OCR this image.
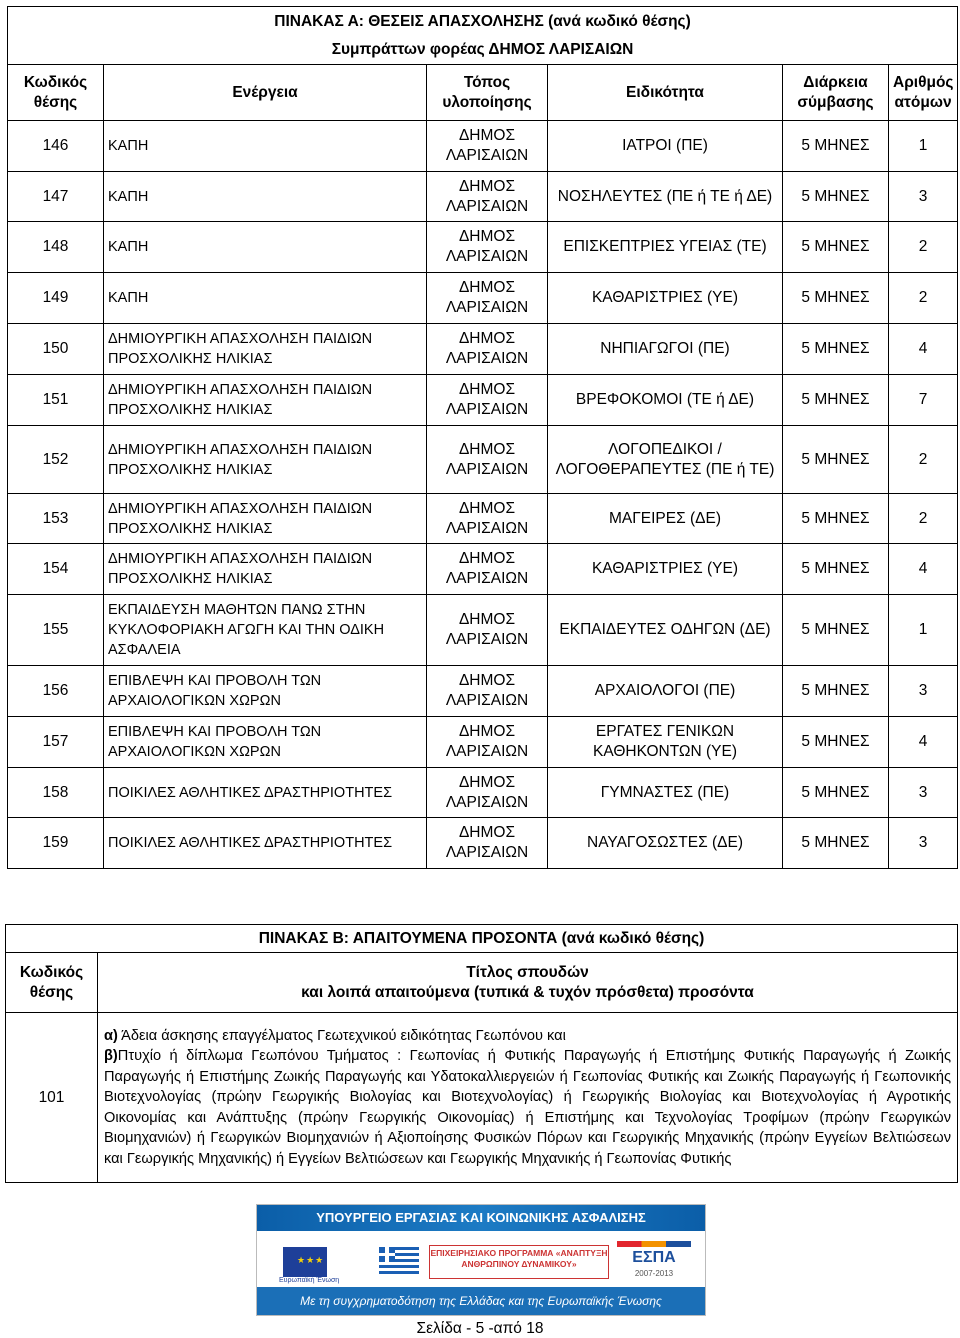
ΠΙΝΑΚΑΣ Α: ΘΕΣΕΙΣ ΑΠΑΣΧΟΛΗΣΗΣ (ανά κωδικό θέσης)					
Συμπράττων φορέας ΔΗΜΟΣ ΛΑΡΙΣΑΙΩΝ					
Κωδικός θέσης	Ενέργεια	Τόπος υλοποίησης	Ειδικότητα	Διάρκεια σύμβασης	Αριθμός ατόμων
146	ΚΑΠΗ	ΔΗΜΟΣ ΛΑΡΙΣΑΙΩΝ	ΙΑΤΡΟΙ (ΠΕ)	5 ΜΗΝΕΣ	1
147	ΚΑΠΗ	ΔΗΜΟΣ ΛΑΡΙΣΑΙΩΝ	ΝΟΣΗΛΕΥΤΕΣ (ΠΕ ή ΤΕ ή ΔΕ)	5 ΜΗΝΕΣ	3
148	ΚΑΠΗ	ΔΗΜΟΣ ΛΑΡΙΣΑΙΩΝ	ΕΠΙΣΚΕΠΤΡΙΕΣ ΥΓΕΙΑΣ (ΤΕ)	5 ΜΗΝΕΣ	2
149	ΚΑΠΗ	ΔΗΜΟΣ ΛΑΡΙΣΑΙΩΝ	ΚΑΘΑΡΙΣΤΡΙΕΣ (ΥΕ)	5 ΜΗΝΕΣ	2
150	ΔΗΜΙΟΥΡΓΙΚΗ ΑΠΑΣΧΟΛΗΣΗ ΠΑΙΔΙΩΝ ΠΡΟΣΧΟΛΙΚΗΣ ΗΛΙΚΙΑΣ	ΔΗΜΟΣ ΛΑΡΙΣΑΙΩΝ	ΝΗΠΙΑΓΩΓΟΙ (ΠΕ)	5 ΜΗΝΕΣ	4
151	ΔΗΜΙΟΥΡΓΙΚΗ ΑΠΑΣΧΟΛΗΣΗ ΠΑΙΔΙΩΝ ΠΡΟΣΧΟΛΙΚΗΣ ΗΛΙΚΙΑΣ	ΔΗΜΟΣ ΛΑΡΙΣΑΙΩΝ	ΒΡΕΦΟΚΟΜΟΙ (ΤΕ ή ΔΕ)	5 ΜΗΝΕΣ	7
152	ΔΗΜΙΟΥΡΓΙΚΗ ΑΠΑΣΧΟΛΗΣΗ ΠΑΙΔΙΩΝ ΠΡΟΣΧΟΛΙΚΗΣ ΗΛΙΚΙΑΣ	ΔΗΜΟΣ ΛΑΡΙΣΑΙΩΝ	ΛΟΓΟΠΕΔΙΚΟΙ / ΛΟΓΟΘΕΡΑΠΕΥΤΕΣ (ΠΕ ή ΤΕ)	5 ΜΗΝΕΣ	2
153	ΔΗΜΙΟΥΡΓΙΚΗ ΑΠΑΣΧΟΛΗΣΗ ΠΑΙΔΙΩΝ ΠΡΟΣΧΟΛΙΚΗΣ ΗΛΙΚΙΑΣ	ΔΗΜΟΣ ΛΑΡΙΣΑΙΩΝ	ΜΑΓΕΙΡΕΣ (ΔΕ)	5 ΜΗΝΕΣ	2
154	ΔΗΜΙΟΥΡΓΙΚΗ ΑΠΑΣΧΟΛΗΣΗ ΠΑΙΔΙΩΝ ΠΡΟΣΧΟΛΙΚΗΣ ΗΛΙΚΙΑΣ	ΔΗΜΟΣ ΛΑΡΙΣΑΙΩΝ	ΚΑΘΑΡΙΣΤΡΙΕΣ (ΥΕ)	5 ΜΗΝΕΣ	4
155	ΕΚΠΑΙΔΕΥΣΗ ΜΑΘΗΤΩΝ ΠΑΝΩ ΣΤΗΝ ΚΥΚΛΟΦΟΡΙΑΚΗ ΑΓΩΓΗ ΚΑΙ ΤΗΝ ΟΔΙΚΗ ΑΣΦΑΛΕΙΑ	ΔΗΜΟΣ ΛΑΡΙΣΑΙΩΝ	ΕΚΠΑΙΔΕΥΤΕΣ ΟΔΗΓΩΝ (ΔΕ)	5 ΜΗΝΕΣ	1
156	ΕΠΙΒΛΕΨΗ ΚΑΙ ΠΡΟΒΟΛΗ ΤΩΝ ΑΡΧΑΙΟΛΟΓΙΚΩΝ ΧΩΡΩΝ	ΔΗΜΟΣ ΛΑΡΙΣΑΙΩΝ	ΑΡΧΑΙΟΛΟΓΟΙ (ΠΕ)	5 ΜΗΝΕΣ	3
157	ΕΠΙΒΛΕΨΗ ΚΑΙ ΠΡΟΒΟΛΗ ΤΩΝ ΑΡΧΑΙΟΛΟΓΙΚΩΝ ΧΩΡΩΝ	ΔΗΜΟΣ ΛΑΡΙΣΑΙΩΝ	ΕΡΓΑΤΕΣ ΓΕΝΙΚΩΝ ΚΑΘΗΚΟΝΤΩΝ (ΥΕ)	5 ΜΗΝΕΣ	4
158	ΠΟΙΚΙΛΕΣ ΑΘΛΗΤΙΚΕΣ ΔΡΑΣΤΗΡΙΟΤΗΤΕΣ	ΔΗΜΟΣ ΛΑΡΙΣΑΙΩΝ	ΓΥΜΝΑΣΤΕΣ (ΠΕ)	5 ΜΗΝΕΣ	3
159	ΠΟΙΚΙΛΕΣ ΑΘΛΗΤΙΚΕΣ ΔΡΑΣΤΗΡΙΟΤΗΤΕΣ	ΔΗΜΟΣ ΛΑΡΙΣΑΙΩΝ	ΝΑΥΑΓΟΣΩΣΤΕΣ (ΔΕ)	5 ΜΗΝΕΣ	3
ΠΙΝΑΚΑΣ Β: ΑΠΑΙΤΟΥΜΕΝΑ ΠΡΟΣΟΝΤΑ (ανά κωδικό θέσης)	
Κωδικός θέσης	Τίτλος σπουδών
και λοιπά απαιτούμενα (τυπικά & τυχόν πρόσθετα) προσόντα
101	α) Άδεια άσκησης επαγγέλματος Γεωτεχνικού ειδικότητας Γεωπόνου και
β)Πτυχίο ή δίπλωμα Γεωπόνου Τμήματος : Γεωπονίας ή Φυτικής Παραγωγής ή Επιστήμης Φυτικής Παραγωγής ή Ζωικής Παραγωγής ή Επιστήμης Ζωικής Παραγωγής και Υδατοκαλλιεργειών ή Γεωπονίας Φυτικής και Ζωικής Παραγωγής ή Γεωπονικής Βιοτεχνολογίας (πρώην Γεωργικής Βιολογίας και Βιοτεχνολογίας) ή Γεωργικής Βιολογίας και Βιοτεχνολογίας ή Αγροτικής Οικονομίας και Ανάπτυξης (πρώην Γεωργικής Οικονομίας) ή Επιστήμης και Τεχνολογίας Τροφίμων (πρώην Γεωργικών Βιομηχανιών) ή Γεωργικών Βιομηχανιών ή Αξιοποίησης Φυσικών Πόρων και Γεωργικής Μηχανικής (πρώην Εγγείων Βελτιώσεων και Γεωργικής Μηχανικής) ή Εγγείων Βελτιώσεων και Γεωργικής Μηχανικής ή Γεωπονίας Φυτικής
ΥΠΟΥΡΓΕΙΟ ΕΡΓΑΣΙΑΣ ΚΑΙ ΚΟΙΝΩΝΙΚΗΣ ΑΣΦΑΛΙΣΗΣ
★★★
Ευρωπαϊκή Ένωση
ΕΠΙΧΕΙΡΗΣΙΑΚΟ ΠΡΟΓΡΑΜΜΑ «ΑΝΑΠΤΥΞΗ ΑΝΘΡΩΠΙΝΟΥ ΔΥΝΑΜΙΚΟΥ»	ΕΣΠΑ
2007-2013
Με τη συγχρηματοδότηση της Ελλάδας και της Ευρωπαϊκής Ένωσης
Σελίδα - 5 -από 18
